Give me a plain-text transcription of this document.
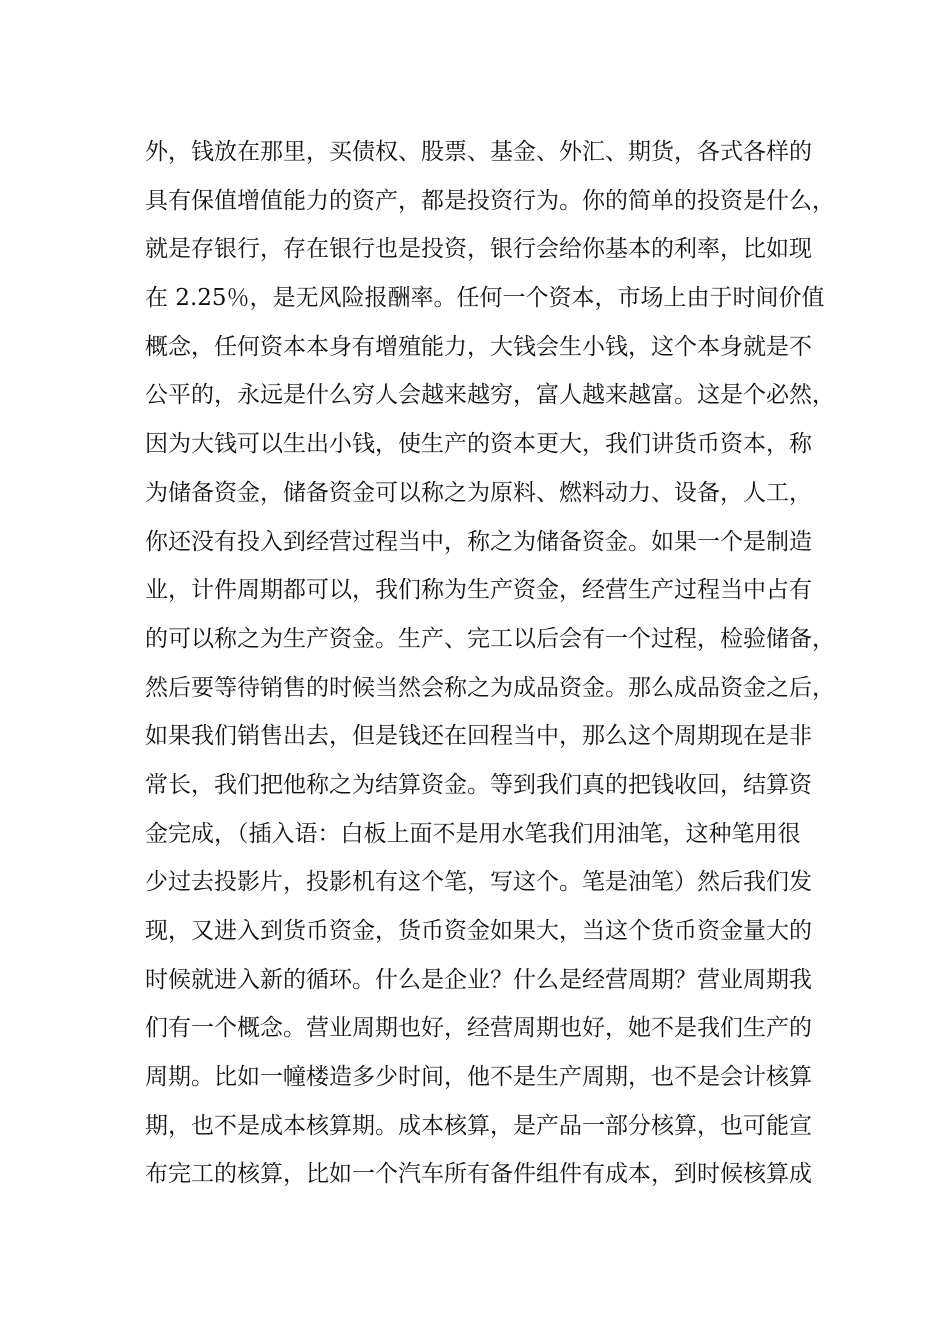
外，钱放在那里，买债权、股票、基金、外汇、期货，各式各样的
具有保值增值能力的资产，都是投资行为。你的简单的投资是什么，
就是存银行，存在银行也是投资，银行会给你基本的利率，比如现
在 2.25％，是无风险报酬率。任何一个资本，市场上由于时间价值
概念，任何资本本身有增殖能力，大钱会生小钱，这个本身就是不
公平的，永远是什么穷人会越来越穷，富人越来越富。这是个必然，
因为大钱可以生出小钱，使生产的资本更大，我们讲货币资本，称
为储备资金，储备资金可以称之为原料、燃料动力、设备，人工，
你还没有投入到经营过程当中，称之为储备资金。如果一个是制造
业，计件周期都可以，我们称为生产资金，经营生产过程当中占有
的可以称之为生产资金。生产、完工以后会有一个过程，检验储备，
然后要等待销售的时候当然会称之为成品资金。那么成品资金之后，
如果我们销售出去，但是钱还在回程当中，那么这个周期现在是非
常长，我们把他称之为结算资金。等到我们真的把钱收回，结算资
金完成，（插入语：白板上面不是用水笔我们用油笔，这种笔用很
少过去投影片，投影机有这个笔，写这个。笔是油笔）然后我们发
现，又进入到货币资金，货币资金如果大，当这个货币资金量大的
时候就进入新的循环。什么是企业？什么是经营周期？营业周期我
们有一个概念。营业周期也好，经营周期也好，她不是我们生产的
周期。比如一幢楼造多少时间，他不是生产周期，也不是会计核算
期，也不是成本核算期。成本核算，是产品一部分核算，也可能宣
布完工的核算，比如一个汽车所有备件组件有成本，到时候核算成
